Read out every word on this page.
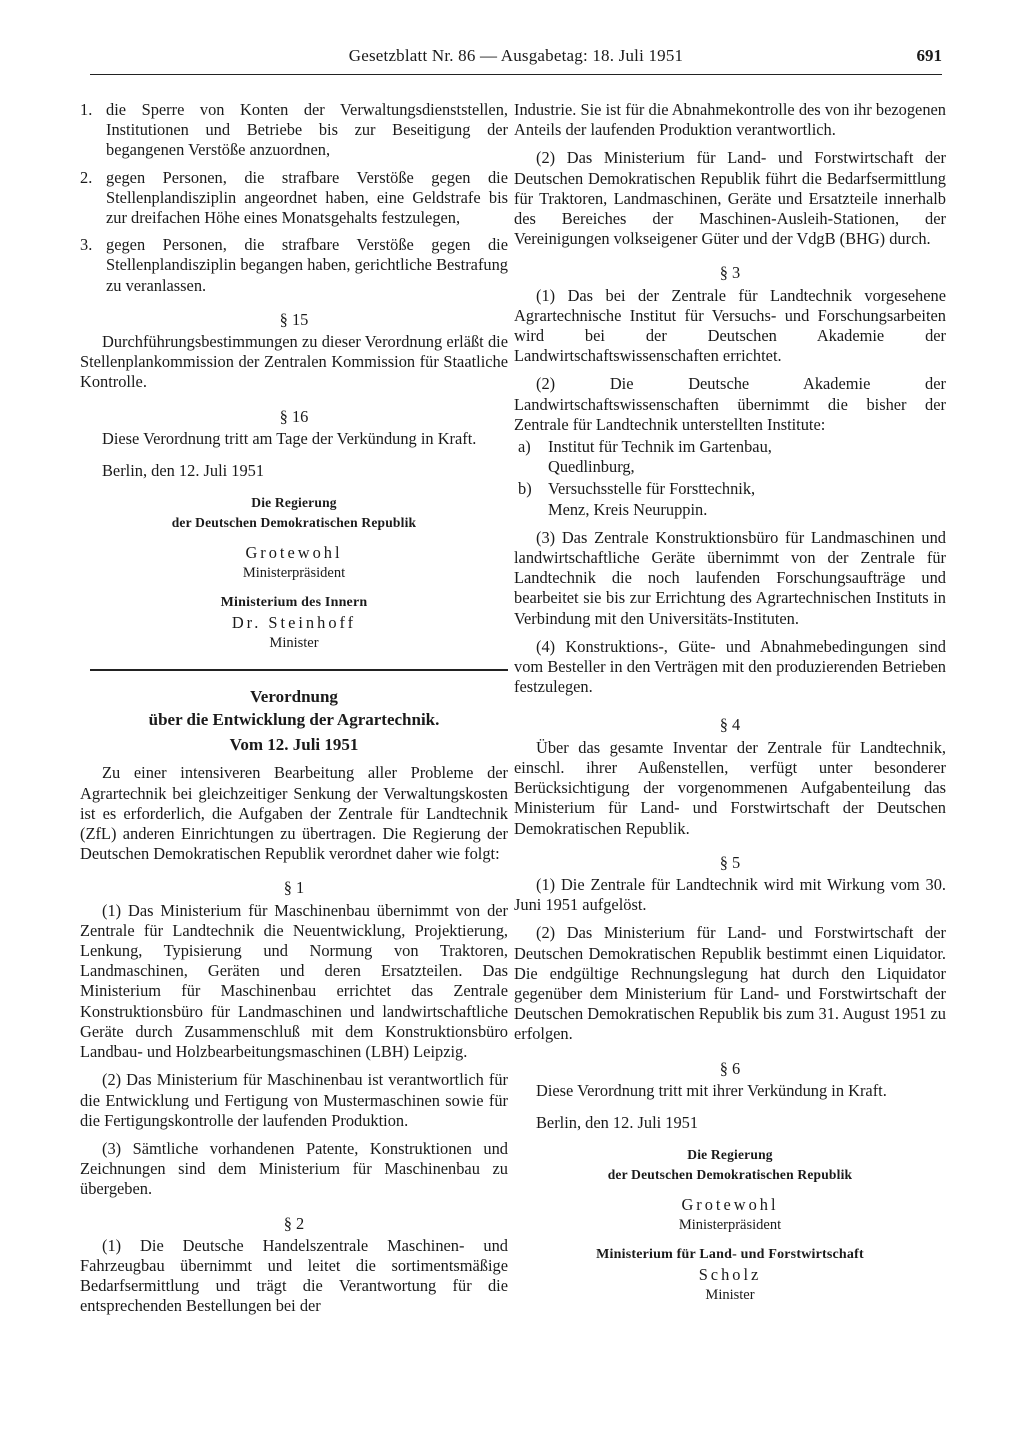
Gesetzblatt Nr. 86 — Ausgabetag: 18. Juli 1951	691
1. die Sperre von Konten der Verwaltungsdienststellen, Institutionen und Betriebe bis zur Beseitigung der begangenen Verstöße anzuordnen,
2. gegen Personen, die strafbare Verstöße gegen die Stellenplandisziplin angeordnet haben, eine Geldstrafe bis zur dreifachen Höhe eines Monatsgehalts festzulegen,
3. gegen Personen, die strafbare Verstöße gegen die Stellenplandisziplin begangen haben, gerichtliche Bestrafung zu veranlassen.
§ 15

Durchführungsbestimmungen zu dieser Verordnung erläßt die Stellenplankommission der Zentralen Kommission für Staatliche Kontrolle.

§ 16

Diese Verordnung tritt am Tage der Verkündung in Kraft.

Berlin, den 12. Juli 1951
Die Regierung
der Deutschen Demokratischen Republik
Grotewohl
Ministerpräsident
Ministerium des Innern
Dr. Steinhoff
Minister
Verordnung
über die Entwicklung der Agrartechnik.
Vom 12. Juli 1951

Zu einer intensiveren Bearbeitung aller Probleme der Agrartechnik bei gleichzeitiger Senkung der Verwaltungskosten ist es erforderlich, die Aufgaben der Zentrale für Landtechnik (ZfL) anderen Einrichtungen zu übertragen. Die Regierung der Deutschen Demokratischen Republik verordnet daher wie folgt:

§ 1

(1) Das Ministerium für Maschinenbau übernimmt von der Zentrale für Landtechnik die Neuentwicklung, Projektierung, Lenkung, Typisierung und Normung von Traktoren, Landmaschinen, Geräten und deren Ersatzteilen. Das Ministerium für Maschinenbau errichtet das Zentrale Konstruktionsbüro für Landmaschinen und landwirtschaftliche Geräte durch Zusammenschluß mit dem Konstruktionsbüro Landbau- und Holzbearbeitungsmaschinen (LBH) Leipzig.

(2) Das Ministerium für Maschinenbau ist verantwortlich für die Entwicklung und Fertigung von Mustermaschinen sowie für die Fertigungskontrolle der laufenden Produktion.

(3) Sämtliche vorhandenen Patente, Konstruktionen und Zeichnungen sind dem Ministerium für Maschinenbau zu übergeben.

§ 2

(1) Die Deutsche Handelszentrale Maschinen- und Fahrzeugbau übernimmt und leitet die sortimentsmäßige Bedarfsermittlung und trägt die Verantwortung für die entsprechenden Bestellungen bei der

Industrie. Sie ist für die Abnahmekontrolle des von ihr bezogenen Anteils der laufenden Produktion verantwortlich.

(2) Das Ministerium für Land- und Forstwirtschaft der Deutschen Demokratischen Republik führt die Bedarfsermittlung für Traktoren, Landmaschinen, Geräte und Ersatzteile innerhalb des Bereiches der Maschinen-Ausleih-Stationen, der Vereinigungen volkseigener Güter und der VdgB (BHG) durch.

§ 3

(1) Das bei der Zentrale für Landtechnik vorgesehene Agrartechnische Institut für Versuchs- und Forschungsarbeiten wird bei der Deutschen Akademie der Landwirtschaftswissenschaften errichtet.

(2) Die Deutsche Akademie der Landwirtschaftswissenschaften übernimmt die bisher der Zentrale für Landtechnik unterstellten Institute:

a)	Institut für Technik im Gartenbau,
Quedlinburg,
b) Versuchsstelle für Forsttechnik,
Menz, Kreis Neuruppin.

(3) Das Zentrale Konstruktionsbüro für Landmaschinen und landwirtschaftliche Geräte übernimmt von der Zentrale für Landtechnik die noch laufenden Forschungsaufträge und bearbeitet sie bis zur Errichtung des Agrartechnischen Instituts in Verbindung mit den Universitäts-Instituten.

(4) Konstruktions-, Güte- und Abnahmebedingungen sind vom Besteller in den Verträgen mit den produzierenden Betrieben festzulegen.

§ 4

Über das gesamte Inventar der Zentrale für Landtechnik, einschl. ihrer Außenstellen, verfügt unter besonderer Berücksichtigung der vorgenommenen Aufgabenteilung das Ministerium für Land- und Forstwirtschaft der Deutschen Demokratischen Republik.

§ 5

(1) Die Zentrale für Landtechnik wird mit Wirkung vom 30. Juni 1951 aufgelöst.

(2) Das Ministerium für Land- und Forstwirtschaft der Deutschen Demokratischen Republik bestimmt einen Liquidator. Die endgültige Rechnungslegung hat durch den Liquidator gegenüber dem Ministerium für Land- und Forstwirtschaft der Deutschen Demokratischen Republik bis zum 31. August 1951 zu erfolgen.

§ 6

Diese Verordnung tritt mit ihrer Verkündung in Kraft.

Berlin, den 12. Juli 1951
Die Regierung
der Deutschen Demokratischen Republik
Grotewohl
Ministerpräsident
Ministerium für Land- und Forstwirtschaft
Scholz
Minister
